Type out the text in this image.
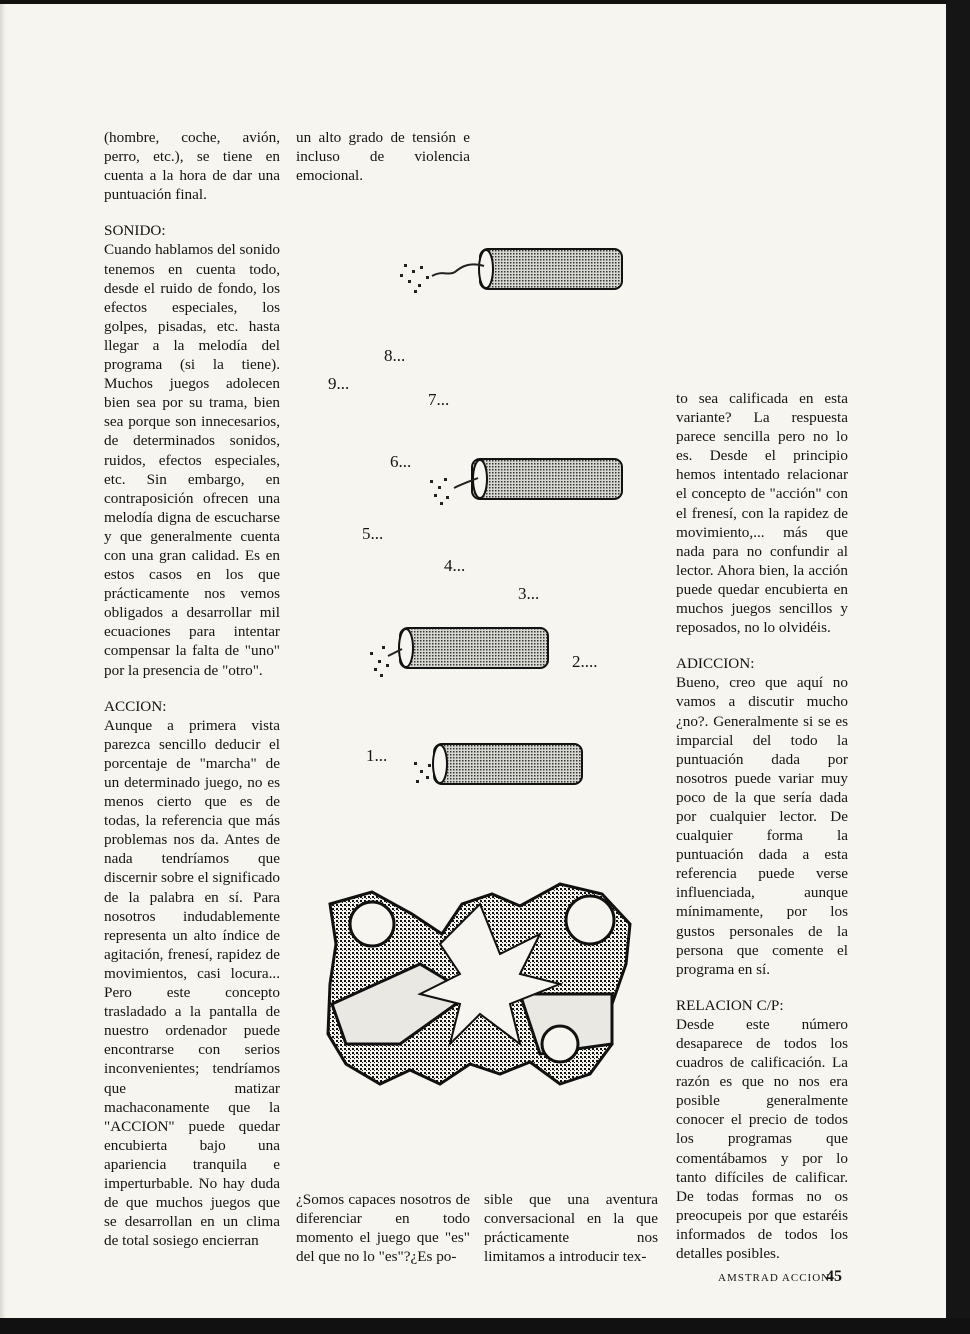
(hombre, coche, avión, perro, etc.), se tiene en cuenta a la hora de dar una puntuación final.

SONIDO:
Cuando hablamos del sonido tenemos en cuenta todo, desde el ruido de fondo, los efectos especiales, los golpes, pisadas, etc. hasta llegar a la melodía del programa (si la tiene). Muchos juegos adolecen bien sea por su trama, bien sea porque son innecesarios, de determinados sonidos, ruidos, efectos especiales, etc. Sin embargo, en contraposición ofrecen una melodía digna de escucharse y que generalmente cuenta con una gran calidad. Es en estos casos en los que prácticamente nos vemos obligados a desarrollar mil ecuaciones para intentar compensar la falta de "uno" por la presencia de "otro".

ACCION:
Aunque a primera vista parezca sencillo deducir el porcentaje de "marcha" de un determinado juego, no es menos cierto que es de todas, la referencia que más problemas nos da. Antes de nada tendríamos que discernir sobre el significado de la palabra en sí. Para nosotros indudablemente representa un alto índice de agitación, frenesí, rapidez de movimientos, casi locura... Pero este concepto trasladado a la pantalla de nuestro ordenador puede encontrarse con serios inconvenientes; tendríamos que matizar machaconamente que la "ACCION" puede quedar encubierta bajo una apariencia tranquila e imperturbable. No hay duda de que muchos juegos que se desarrollan en un clima de total sosiego encierran

un alto grado de tensión e incluso de violencia emocional.

¿Somos capaces nosotros de diferenciar en todo momento el juego que "es" del que no lo "es"?¿Es po-

sible que una aventura conversacional en la que prácticamente nos limitamos a introducir tex-

to sea calificada en esta variante? La respuesta parece sencilla pero no lo es. Desde el principio hemos intentado relacionar el concepto de "acción" con el frenesí, con la rapidez de movimiento,... más que nada para no confundir al lector. Ahora bien, la acción puede quedar encubierta en muchos juegos sencillos y reposados, no lo olvidéis.

ADICCION:
Bueno, creo que aquí no vamos a discutir mucho ¿no?. Generalmente si se es imparcial del todo la puntuación dada por nosotros puede variar muy poco de la que sería dada por cualquier lector. De cualquier forma la puntuación dada a esta referencia puede verse influenciada, aunque mínimamente, por los gustos personales de la persona que comente el programa en sí.

RELACION C/P:
Desde este número desaparece de todos los cuadros de calificación. La razón es que no nos era posible generalmente conocer el precio de todos los programas que comentábamos y por lo tanto difíciles de calificar. De todas formas no os preocupeis por que estaréis informados de todos los detalles posibles.

9...
8...
7...
6...
5...
4...
3...
2....
1...
AMSTRAD ACCION
45
